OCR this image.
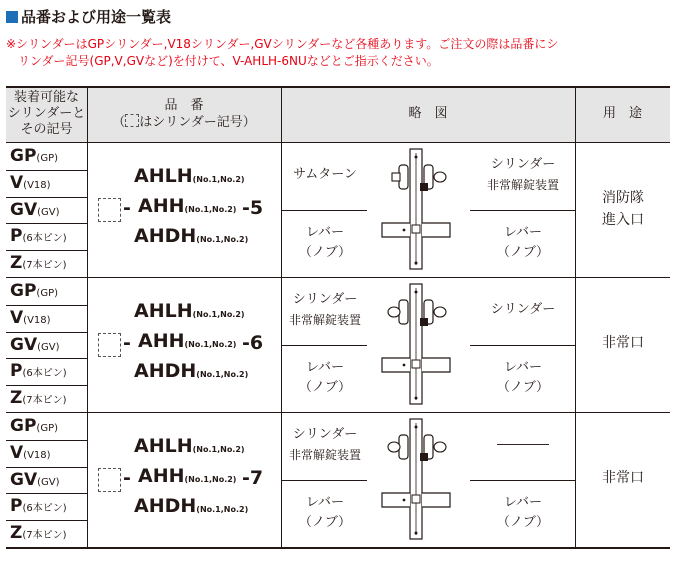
品番および用途一覧表
※シリンダーはGPシリンダー,V18シリンダー,GVシリンダーなど各種あります。ご注文の際は品番にシ
リンダー記号(GP,V,GVなど)を付けて、V-AHLH-6NUなどとご指示ください。
装着可能な
シリンダーと
その記号
品　番
（ はシリンダー記号）
略　図	用　途
GP(GP)
V(V18)
GV(GV)
P(6本ピン)
Z(7本ピン)
-
AHLH(No.1,No.2)
AHH(No.1,No.2)
AHDH(No.1,No.2)
-5
サムターン
レバー
（ノブ）
シリンダー
非常解錠装置
レバー
（ノブ）
消防隊
進入口
GP(GP)
V(V18)
GV(GV)
P(6本ピン)
Z(7本ピン)
-
AHLH(No.1,No.2)
AHH(No.1,No.2)
AHDH(No.1,No.2)
-6
シリンダー
非常解錠装置
レバー
（ノブ）
シリンダー
レバー
（ノブ）
非常口
GP(GP)
V(V18)
GV(GV)
P(6本ピン)
Z(7本ピン)
-
AHLH(No.1,No.2)
AHH(No.1,No.2)
AHDH(No.1,No.2)
-7
シリンダー
非常解錠装置
レバー
（ノブ）
――――
レバー
（ノブ）
非常口
